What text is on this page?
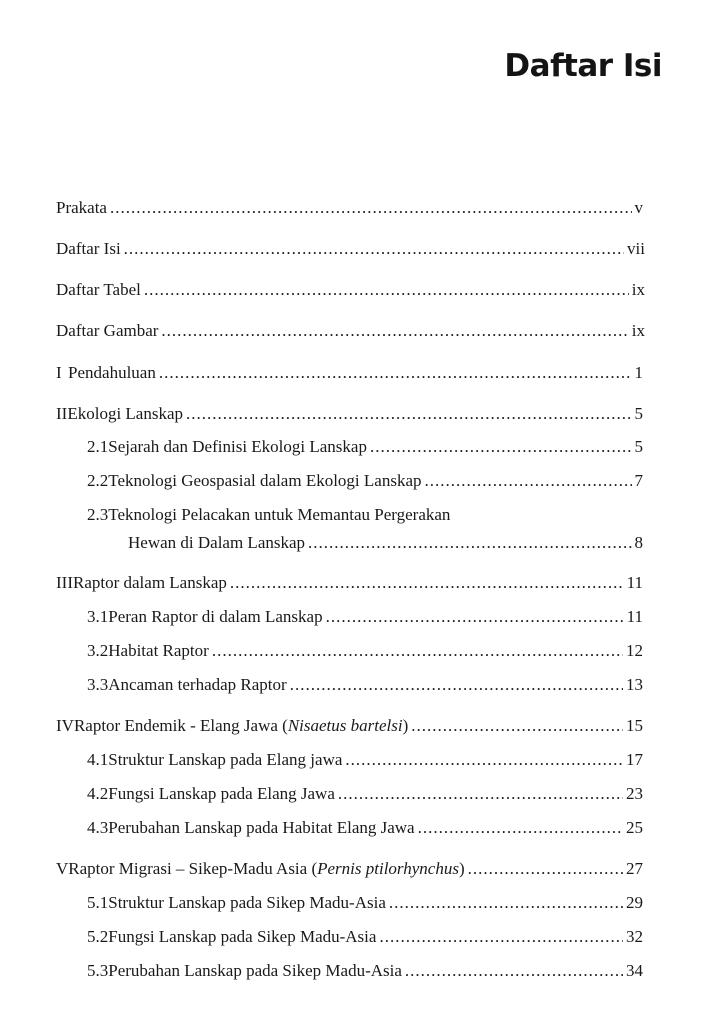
Daftar Isi
Prakata .....	v
Daftar Isi .....	vii
Daftar Tabel .....	ix
Daftar Gambar .....	ix
I Pendahuluan .....	1
II Ekologi Lanskap .....	5
2.1 Sejarah dan Definisi Ekologi Lanskap .....	5
2.2 Teknologi Geospasial dalam Ekologi Lanskap .....	7
2.3Teknologi Pelacakan untuk Memantau Pergerakan
Hewan di Dalam Lanskap .....	8
III Raptor dalam Lanskap .....	11
3.1 Peran Raptor di dalam Lanskap .....	11
3.2 Habitat Raptor .....	12
3.3 Ancaman terhadap Raptor .....	13
IV Raptor Endemik - Elang Jawa (Nisaetus bartelsi) .....	15
4.1 Struktur Lanskap pada Elang jawa .....	17
4.2 Fungsi Lanskap pada Elang Jawa .....	23
4.3 Perubahan Lanskap pada Habitat Elang Jawa .....	25
V Raptor Migrasi – Sikep-Madu Asia (Pernis ptilorhynchus) .....	27
5.1 Struktur Lanskap pada Sikep Madu-Asia .....	29
5.2 Fungsi Lanskap pada Sikep Madu-Asia .....	32
5.3 Perubahan Lanskap pada Sikep Madu-Asia .....	34
